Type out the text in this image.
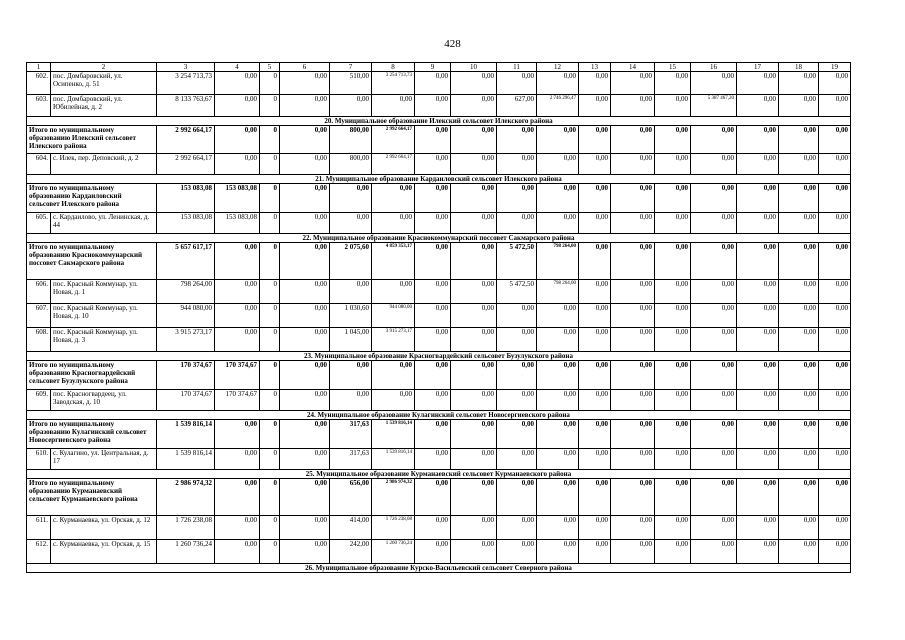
428
1	2	3	4	5	6	7	8	9	10	11	12	13	14	15	16	17	18	19
602.	пос. Домбаровский, ул. Осипенко, д. 51	3 254 713,73	0,00	0	0,00	510,00	3 254 713,73	0,00	0,00	0,00	0,00	0,00	0,00	0,00	0,00	0,00	0,00	0,00
603.	пос. Домбаровский, ул. Юбилейная, д. 2	8 133 763,67	0,00	0	0,00	0,00	0,00	0,00	0,00	627,00	2 746 296,47	0,00	0,00	0,00	5 387 467,20	0,00	0,00	0,00
20. Муниципальное образование Илекский сельсовет Илекского района																		
Итого по муниципальному образованию Илекский сельсовет Илекского района		2 992 664,17	0,00	0	0,00	800,00	2 992 664,17	0,00	0,00	0,00	0,00	0,00	0,00	0,00	0,00	0,00	0,00	0,00
604.	с. Илек, пер. Деповский, д. 2	2 992 664,17	0,00	0	0,00	800,00	2 992 664,17	0,00	0,00	0,00	0,00	0,00	0,00	0,00	0,00	0,00	0,00	0,00
21. Муниципальное образование Кардаиловский сельсовет Илекского района																		
Итого по муниципальному образованию Кардаиловский сельсовет Илекского района		153 083,08	153 083,08	0	0,00	0,00	0,00	0,00	0,00	0,00	0,00	0,00	0,00	0,00	0,00	0,00	0,00	0,00
605.	с. Кардаилово, ул. Ленинская, д. 44	153 083,08	153 083,08	0	0,00	0,00	0,00	0,00	0,00	0,00	0,00	0,00	0,00	0,00	0,00	0,00	0,00	0,00
22. Муниципальное образование Краснокоммунарский поссовет Сакмарского района																		
Итого по муниципальному образованию Краснокоммунарский поссовет Сакмарского района		5 657 617,17	0,00	0	0,00	2 075,60	4 859 353,17	0,00	0,00	5 472,50	798 264,00	0,00	0,00	0,00	0,00	0,00	0,00	0,00
606.	пос. Красный Коммунар, ул. Новая, д. 1	798 264,00	0,00	0	0,00	0,00	0,00	0,00	0,00	5 472,50	798 264,00	0,00	0,00	0,00	0,00	0,00	0,00	0,00
607.	пос. Красный Коммунар, ул. Новая, д. 10	944 080,00	0,00	0	0,00	1 030,60	944 080,00	0,00	0,00	0,00	0,00	0,00	0,00	0,00	0,00	0,00	0,00	0,00
608.	пос. Красный Коммунар, ул. Новая, д. 3	3 915 273,17	0,00	0	0,00	1 045,00	3 915 273,17	0,00	0,00	0,00	0,00	0,00	0,00	0,00	0,00	0,00	0,00	0,00
23. Муниципальное образование Красногвардейский сельсовет Бузулукского района																		
Итого по муниципальному образованию Красногвардейский сельсовет Бузулукского района		170 374,67	170 374,67	0	0,00	0,00	0,00	0,00	0,00	0,00	0,00	0,00	0,00	0,00	0,00	0,00	0,00	0,00
609.	пос. Красногвардеец, ул. Заводская, д. 10	170 374,67	170 374,67	0	0,00	0,00	0,00	0,00	0,00	0,00	0,00	0,00	0,00	0,00	0,00	0,00	0,00	0,00
24. Муниципальное образование Кулагинский сельсовет Новосергиевского района																		
Итого по муниципальному образованию Кулагинский сельсовет Новосергиевского района		1 539 816,14	0,00	0	0,00	317,63	1 539 816,14	0,00	0,00	0,00	0,00	0,00	0,00	0,00	0,00	0,00	0,00	0,00
610.	с. Кулагино, ул. Центральная, д. 17	1 539 816,14	0,00	0	0,00	317,63	1 539 816,14	0,00	0,00	0,00	0,00	0,00	0,00	0,00	0,00	0,00	0,00	0,00
25. Муниципальное образование Курманаевский сельсовет Курманаевского района																		
Итого по муниципальному образованию Курманаевский сельсовет Курманаевского района		2 986 974,32	0,00	0	0,00	656,00	2 986 974,32	0,00	0,00	0,00	0,00	0,00	0,00	0,00	0,00	0,00	0,00	0,00
611.	с. Курманаевка, ул. Орская, д. 12	1 726 238,08	0,00	0	0,00	414,00	1 726 238,08	0,00	0,00	0,00	0,00	0,00	0,00	0,00	0,00	0,00	0,00	0,00
612.	с. Курманаевка, ул. Орская, д. 15	1 260 736,24	0,00	0	0,00	242,00	1 260 736,24	0,00	0,00	0,00	0,00	0,00	0,00	0,00	0,00	0,00	0,00	0,00
26. Муниципальное образование Курско-Васильевский сельсовет Северного района																		
